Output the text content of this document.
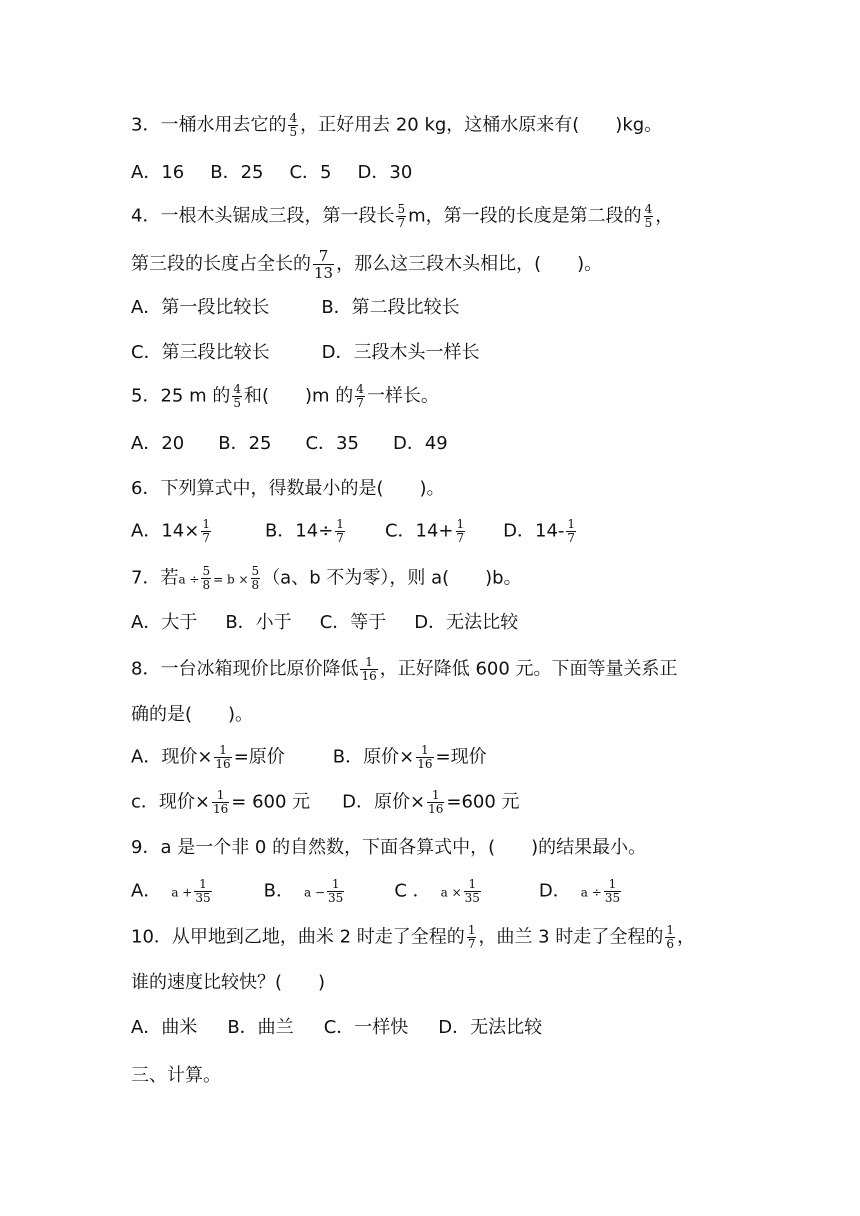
3．一桶水用去它的 $\frac{4}{5}$ ，正好用去 20 kg，这桶水原来有(　　)kg。
A．16 B．25 C．5 D．30
4．一根木头锯成三段，第一段长 $\frac{5}{7}$ m，第一段的长度是第二段的 $\frac{4}{5}$ ，
第三段的长度占全长的 $\frac{7}{13}$ ，那么这三段木头相比，(　　)。
A．第一段比较长	B．第二段比较长
C．第三段比较长	D．三段木头一样长
5．25 m 的 $\frac{4}{5}$ 和(　　)m 的 $\frac{4}{7}$ 一样长。
A．20 B．25 C．35 D．49
6．下列算式中，得数最小的是(　　)。
A．$14\times \frac{1}{7}$	B．$14\div \frac{1}{7}$ C．$14+ \frac{1}{7}$ D．$14- \frac{1}{7}$
7．若$a \div \frac{5}{8} = b \times \frac{5}{8} (a$、b 不为零），则 a(　　)b。
A．大于 B．小于 C．等于 D．无法比较
8．一台冰箱现价比原价降低 $\frac{1}{16}$ ，正好降低 600 元。下面等量关系正
确的是(　　)。
A．现价× $\frac{1}{16}$ =原价	B．原价× $\frac{1}{16}$ =现价
c．现价× $\frac{1}{16} = 600$ 元 D．原价× $\frac{1}{16} =600$ 元
9．a 是一个非 0 的自然数，下面各算式中，(　　)的结果最小。
A． $a + \frac{1}{35}$	B． $a - \frac{1}{35}$	C ． $a \times \frac{1}{35}$	D． $a \div \frac{1}{35}$
10．从甲地到乙地，曲米 2 时走了全程的 $\frac{1}{7}$ ，曲兰 3 时走了全程的 $\frac{1}{6}$ ，
谁的速度比较快？(　　)
A．曲米 B．曲兰 C．一样快 D．无法比较
三、计算。
